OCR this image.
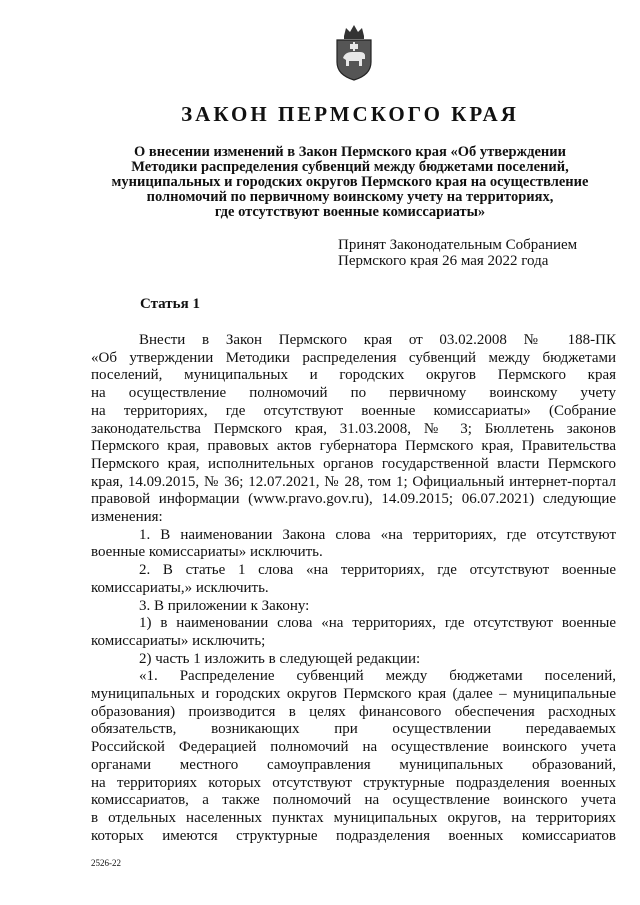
ЗАКОН ПЕРМСКОГО КРАЯ
О внесении изменений в Закон Пермского края «Об утверждении
Методики распределения субвенций между бюджетами поселений,
муниципальных и городских округов Пермского края на осуществление
полномочий по первичному воинскому учету на территориях,
где отсутствуют военные комиссариаты»
Принят Законодательным Собранием
Пермского края 26 мая 2022 года
Статья 1
Внести в Закон Пермского края от 03.02.2008 № 188-ПК
«Об утверждении Методики распределения субвенций между бюджетами
поселений, муниципальных и городских округов Пермского края
на осуществление полномочий по первичному воинскому учету
на территориях, где отсутствуют военные комиссариаты» (Собрание
законодательства Пермского края, 31.03.2008, № 3; Бюллетень законов
Пермского края, правовых актов губернатора Пермского края, Правительства
Пермского края, исполнительных органов государственной власти Пермского
края, 14.09.2015, № 36; 12.07.2021, № 28, том 1; Официальный интернет-портал
правовой информации (www.pravo.gov.ru), 14.09.2015; 06.07.2021) следующие
изменения:
1. В наименовании Закона слова «на территориях, где отсутствуют
военные комиссариаты» исключить.
2. В статье 1 слова «на территориях, где отсутствуют военные
комиссариаты,» исключить.
3. В приложении к Закону:
1) в наименовании слова «на территориях, где отсутствуют военные
комиссариаты» исключить;
2) часть 1 изложить в следующей редакции:
«1. Распределение субвенций между бюджетами поселений,
муниципальных и городских округов Пермского края (далее – муниципальные
образования) производится в целях финансового обеспечения расходных
обязательств, возникающих при осуществлении передаваемых
Российской Федерацией полномочий на осуществление воинского учета
органами местного самоуправления муниципальных образований,
на территориях которых отсутствуют структурные подразделения военных
комиссариатов, а также полномочий на осуществление воинского учета
в отдельных населенных пунктах муниципальных округов, на территориях
которых имеются структурные подразделения военных комиссариатов
2526-22
